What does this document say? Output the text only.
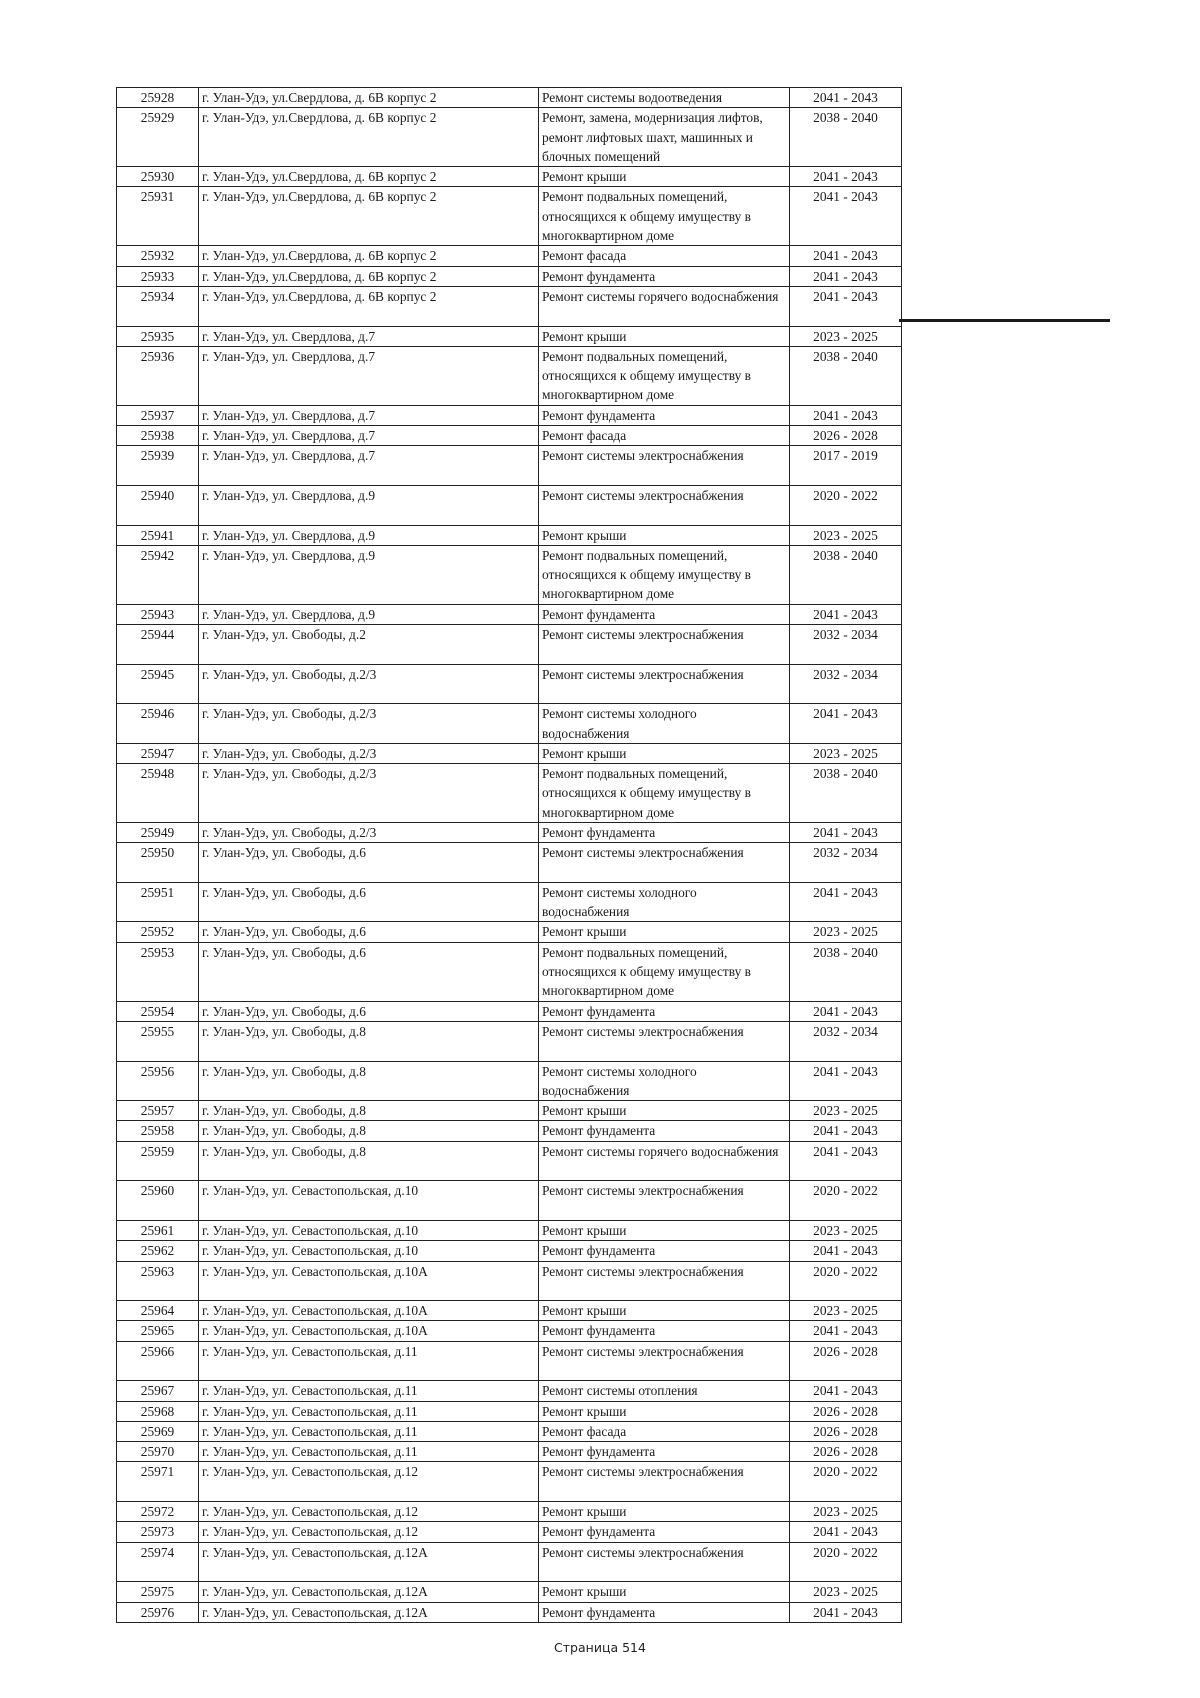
25928	г. Улан-Удэ, ул.Свердлова, д. 6В корпус 2	Ремонт системы водоотведения	2041 - 2043
25929	г. Улан-Удэ, ул.Свердлова, д. 6В корпус 2	Ремонт, замена, модернизация лифтов, ремонт лифтовых шахт, машинных и блочных помещений	2038 - 2040
25930	г. Улан-Удэ, ул.Свердлова, д. 6В корпус 2	Ремонт крыши	2041 - 2043
25931	г. Улан-Удэ, ул.Свердлова, д. 6В корпус 2	Ремонт подвальных помещений, относящихся к общему имуществу в многоквартирном доме	2041 - 2043
25932	г. Улан-Удэ, ул.Свердлова, д. 6В корпус 2	Ремонт фасада	2041 - 2043
25933	г. Улан-Удэ, ул.Свердлова, д. 6В корпус 2	Ремонт фундамента	2041 - 2043
25934	г. Улан-Удэ, ул.Свердлова, д. 6В корпус 2	Ремонт системы горячего водоснабжения	2041 - 2043
25935	г. Улан-Удэ, ул. Свердлова, д.7	Ремонт крыши	2023 - 2025
25936	г. Улан-Удэ, ул. Свердлова, д.7	Ремонт подвальных помещений, относящихся к общему имуществу в многоквартирном доме	2038 - 2040
25937	г. Улан-Удэ, ул. Свердлова, д.7	Ремонт фундамента	2041 - 2043
25938	г. Улан-Удэ, ул. Свердлова, д.7	Ремонт фасада	2026 - 2028
25939	г. Улан-Удэ, ул. Свердлова, д.7	Ремонт системы электроснабжения	2017 - 2019
25940	г. Улан-Удэ, ул. Свердлова, д.9	Ремонт системы электроснабжения	2020 - 2022
25941	г. Улан-Удэ, ул. Свердлова, д.9	Ремонт крыши	2023 - 2025
25942	г. Улан-Удэ, ул. Свердлова, д.9	Ремонт подвальных помещений, относящихся к общему имуществу в многоквартирном доме	2038 - 2040
25943	г. Улан-Удэ, ул. Свердлова, д.9	Ремонт фундамента	2041 - 2043
25944	г. Улан-Удэ, ул. Свободы, д.2	Ремонт системы электроснабжения	2032 - 2034
25945	г. Улан-Удэ, ул. Свободы, д.2/3	Ремонт системы электроснабжения	2032 - 2034
25946	г. Улан-Удэ, ул. Свободы, д.2/3	Ремонт системы холодного водоснабжения	2041 - 2043
25947	г. Улан-Удэ, ул. Свободы, д.2/3	Ремонт крыши	2023 - 2025
25948	г. Улан-Удэ, ул. Свободы, д.2/3	Ремонт подвальных помещений, относящихся к общему имуществу в многоквартирном доме	2038 - 2040
25949	г. Улан-Удэ, ул. Свободы, д.2/3	Ремонт фундамента	2041 - 2043
25950	г. Улан-Удэ, ул. Свободы, д.6	Ремонт системы электроснабжения	2032 - 2034
25951	г. Улан-Удэ, ул. Свободы, д.6	Ремонт системы холодного водоснабжения	2041 - 2043
25952	г. Улан-Удэ, ул. Свободы, д.6	Ремонт крыши	2023 - 2025
25953	г. Улан-Удэ, ул. Свободы, д.6	Ремонт подвальных помещений, относящихся к общему имуществу в многоквартирном доме	2038 - 2040
25954	г. Улан-Удэ, ул. Свободы, д.6	Ремонт фундамента	2041 - 2043
25955	г. Улан-Удэ, ул. Свободы, д.8	Ремонт системы электроснабжения	2032 - 2034
25956	г. Улан-Удэ, ул. Свободы, д.8	Ремонт системы холодного водоснабжения	2041 - 2043
25957	г. Улан-Удэ, ул. Свободы, д.8	Ремонт крыши	2023 - 2025
25958	г. Улан-Удэ, ул. Свободы, д.8	Ремонт фундамента	2041 - 2043
25959	г. Улан-Удэ, ул. Свободы, д.8	Ремонт системы горячего водоснабжения	2041 - 2043
25960	г. Улан-Удэ, ул. Севастопольская, д.10	Ремонт системы электроснабжения	2020 - 2022
25961	г. Улан-Удэ, ул. Севастопольская, д.10	Ремонт крыши	2023 - 2025
25962	г. Улан-Удэ, ул. Севастопольская, д.10	Ремонт фундамента	2041 - 2043
25963	г. Улан-Удэ, ул. Севастопольская, д.10А	Ремонт системы электроснабжения	2020 - 2022
25964	г. Улан-Удэ, ул. Севастопольская, д.10А	Ремонт крыши	2023 - 2025
25965	г. Улан-Удэ, ул. Севастопольская, д.10А	Ремонт фундамента	2041 - 2043
25966	г. Улан-Удэ, ул. Севастопольская, д.11	Ремонт системы электроснабжения	2026 - 2028
25967	г. Улан-Удэ, ул. Севастопольская, д.11	Ремонт системы отопления	2041 - 2043
25968	г. Улан-Удэ, ул. Севастопольская, д.11	Ремонт крыши	2026 - 2028
25969	г. Улан-Удэ, ул. Севастопольская, д.11	Ремонт фасада	2026 - 2028
25970	г. Улан-Удэ, ул. Севастопольская, д.11	Ремонт фундамента	2026 - 2028
25971	г. Улан-Удэ, ул. Севастопольская, д.12	Ремонт системы электроснабжения	2020 - 2022
25972	г. Улан-Удэ, ул. Севастопольская, д.12	Ремонт крыши	2023 - 2025
25973	г. Улан-Удэ, ул. Севастопольская, д.12	Ремонт фундамента	2041 - 2043
25974	г. Улан-Удэ, ул. Севастопольская, д.12А	Ремонт системы электроснабжения	2020 - 2022
25975	г. Улан-Удэ, ул. Севастопольская, д.12А	Ремонт крыши	2023 - 2025
25976	г. Улан-Удэ, ул. Севастопольская, д.12А	Ремонт фундамента	2041 - 2043
Страница 514
